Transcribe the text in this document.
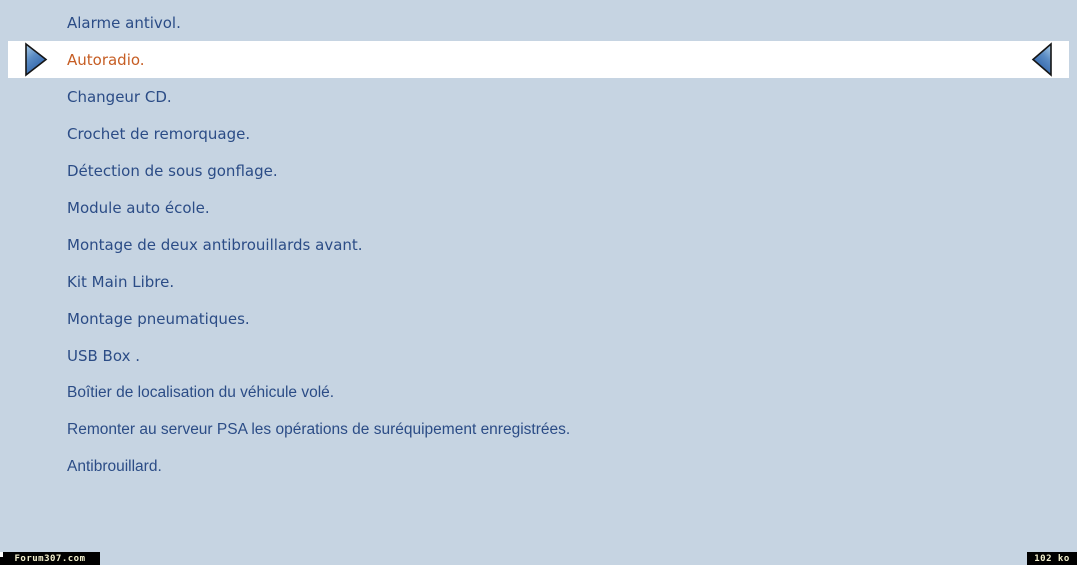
Alarme antivol.
Autoradio.
Changeur CD.
Crochet de remorquage.
Détection de sous gonflage.
Module auto école.
Montage de deux antibrouillards avant.
Kit Main Libre.
Montage pneumatiques.
USB Box .
Boîtier de localisation du véhicule volé.
Remonter au serveur PSA les opérations de suréquipement enregistrées.
Antibrouillard.
Forum307.com	102 ko
